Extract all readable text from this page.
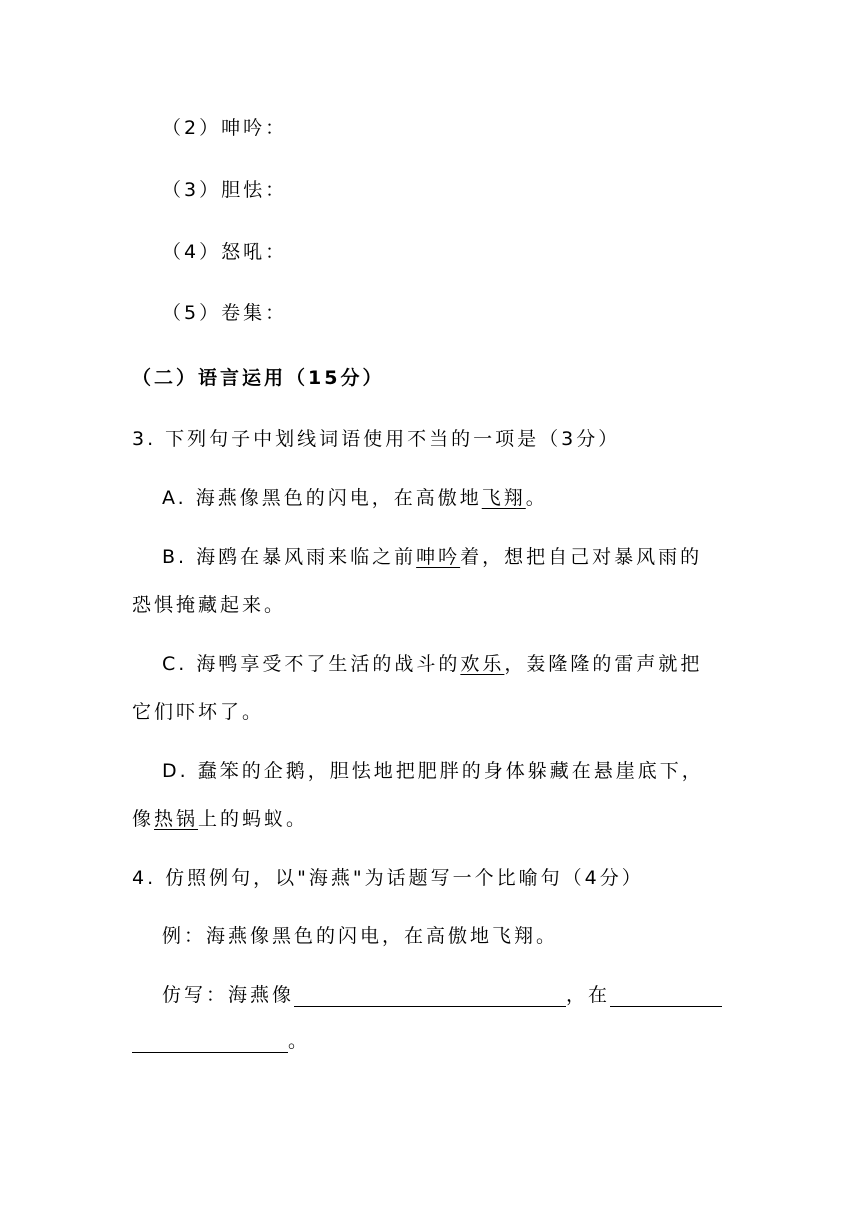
（2）呻吟：
（3）胆怯：
（4）怒吼：
（5）卷集：
（二）语言运用（15分）
3. 下列句子中划线词语使用不当的一项是（3分）
A. 海燕像黑色的闪电，在高傲地飞翔。
B. 海鸥在暴风雨来临之前呻吟着，想把自己对暴风雨的
恐惧掩藏起来。
C. 海鸭享受不了生活的战斗的欢乐，轰隆隆的雷声就把
它们吓坏了。
D. 蠢笨的企鹅，胆怯地把肥胖的身体躲藏在悬崖底下，
像热锅上的蚂蚁。
4. 仿照例句，以"海燕"为话题写一个比喻句（4分）
例：海燕像黑色的闪电，在高傲地飞翔。
仿写：海燕像	，在
。
